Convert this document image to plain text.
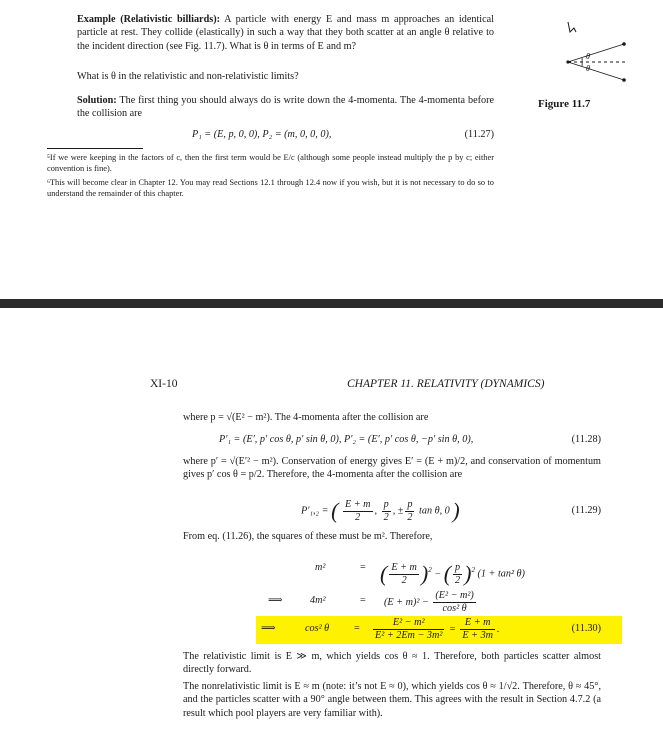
Example (Relativistic billiards): A particle with energy E and mass m approaches an identical particle at rest. They collide (elastically) in such a way that they both scatter at an angle θ relative to the incident direction (see Fig. 11.7). What is θ in terms of E and m?
What is θ in the relativistic and non-relativistic limits?
Solution: The first thing you should always do is write down the 4-momenta. The 4-momenta before the collision are
P₁ = (E, p, 0, 0), P₂ = (m, 0, 0, 0),	(11.27)
⁵If we were keeping in the factors of c, then the first term would be E/c (although some people instead multiply the p by c; either convention is fine).
⁶This will become clear in Chapter 12. You may read Sections 12.1 through 12.4 now if you wish, but it is not necessary to do so to understand the remainder of this chapter.
θ
θ
Figure 11.7
XI-10	CHAPTER 11. RELATIVITY (DYNAMICS)
where p = √(E² − m²). The 4-momenta after the collision are
P′₁ = (E′, p′ cos θ, p′ sin θ, 0), P′₂ = (E′, p′ cos θ, −p′ sin θ, 0),	(11.28)
where p′ = √(E′² − m²). Conservation of energy gives E′ = (E + m)/2, and conservation of momentum gives p′ cos θ = p/2. Therefore, the 4-momenta after the collision are
P′₁,₂ = ( $\frac{E + m}{2}$ , $\frac{p}{2}$ , ± $\frac{p}{2}$ tan θ, 0 )	(11.29)
From eq. (11.26), the squares of these must be m². Therefore,
m²	= ( $\frac{E + m}{2} )^2$ − ( $\frac{p}{2} )^2$ (1 + tan² θ)
⟹	4m²	= $(E + m)^2 - \frac{\text{(E² − m²)}}{\text{cos² θ}}$
⟹	cos² $\theta = \frac{\text{E² − m²}}{\text{E² + 2Em − 3m²}} = \frac{E + m}{E + 3m}$ .	(11.30)
The relativistic limit is E ≫ m, which yields cos θ ≈ 1. Therefore, both particles scatter almost directly forward.
The nonrelativistic limit is E ≈ m (note: it’s not E ≈ 0), which yields cos θ ≈ 1/√2. Therefore, θ ≈ 45°, and the particles scatter with a 90° angle between them. This agrees with the result in Section 4.7.2 (a result which pool players are very familiar with).
